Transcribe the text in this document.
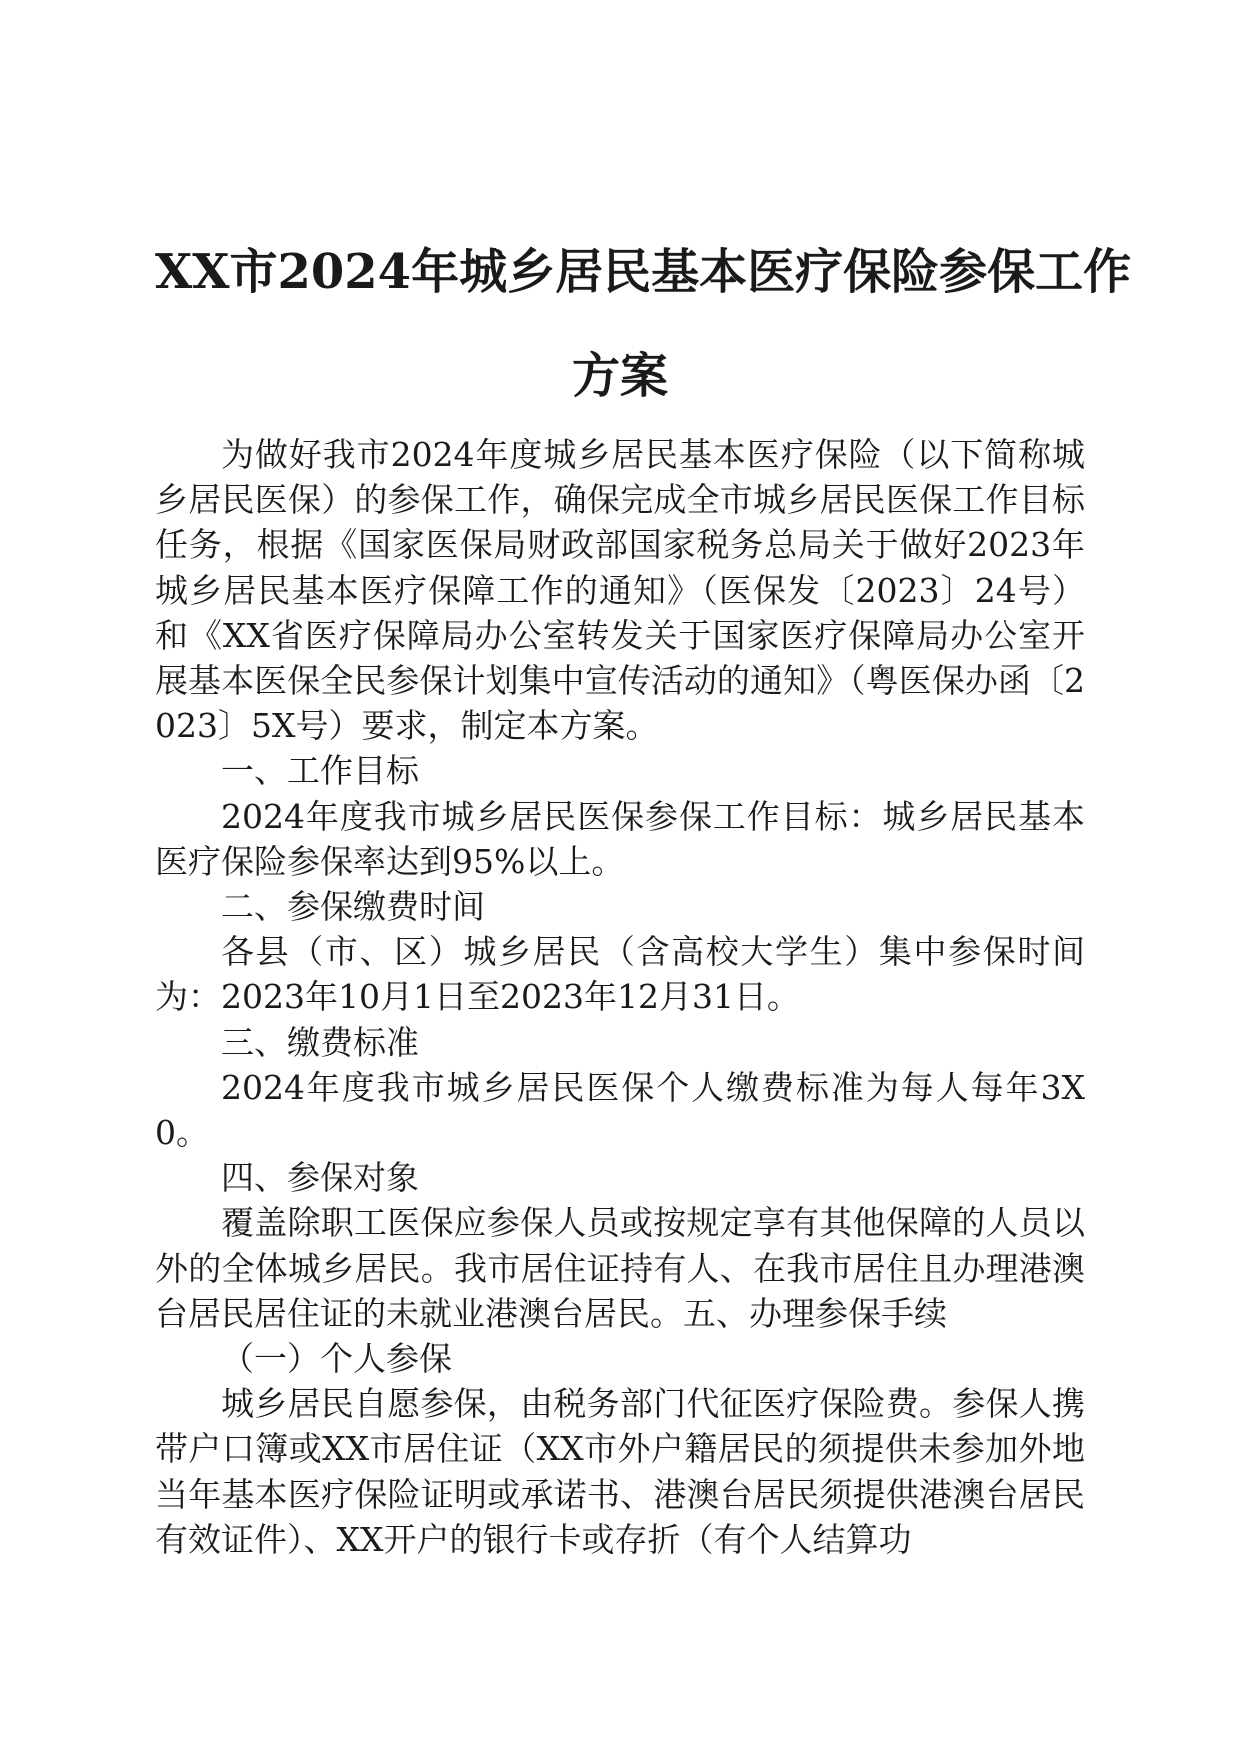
XX市2024年城乡居民基本医疗保险参保工作
方案

为做好我市2024年度城乡居民基本医疗保险（以下简称城乡居民医保）的参保工作，确保完成全市城乡居民医保工作目标任务，根据《国家医保局财政部国家税务总局关于做好2023年城乡居民基本医疗保障工作的通知》（医保发〔2023〕24号）和《XX省医疗保障局办公室转发关于国家医疗保障局办公室开展基本医保全民参保计划集中宣传活动的通知》（粤医保办函〔2023〕5X号）要求，制定本方案。

一、工作目标

2024年度我市城乡居民医保参保工作目标：城乡居民基本医疗保险参保率达到95%以上。

二、参保缴费时间

各县（市、区）城乡居民（含高校大学生）集中参保时间为：2023年10月1日至2023年12月31日。

三、缴费标准

2024年度我市城乡居民医保个人缴费标准为每人每年3X0。

四、参保对象

覆盖除职工医保应参保人员或按规定享有其他保障的人员以外的全体城乡居民。我市居住证持有人、在我市居住且办理港澳台居民居住证的未就业港澳台居民。五、办理参保手续

（一）个人参保

城乡居民自愿参保，由税务部门代征医疗保险费。参保人携带户口簿或XX市居住证（XX市外户籍居民的须提供未参加外地当年基本医疗保险证明或承诺书、港澳台居民须提供港澳台居民有效证件）、XX开户的银行卡或存折（有个人结算功
